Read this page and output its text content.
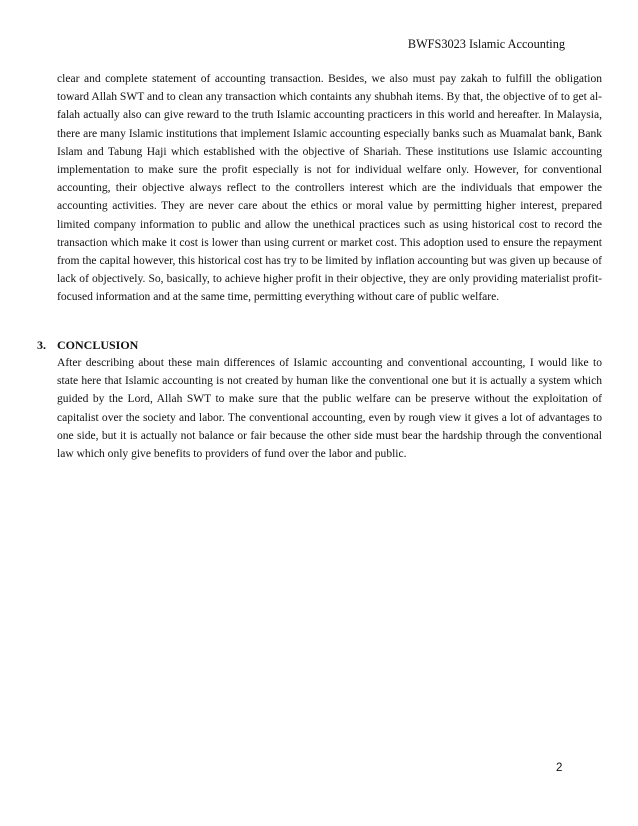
BWFS3023 Islamic Accounting

clear and complete statement of accounting transaction. Besides, we also must pay zakah to fulfill the obligation toward Allah SWT and to clean any transaction which containts any shubhah items. By that, the objective of to get al-falah actually also can give reward to the truth Islamic accounting practicers in this world and hereafter. In Malaysia, there are many Islamic institutions that implement Islamic accounting especially banks such as Muamalat bank, Bank Islam and Tabung Haji which established with the objective of Shariah. These institutions use Islamic accounting implementation to make sure the profit especially is not for individual welfare only. However, for conventional accounting, their objective always reflect to the controllers interest which are the individuals that empower the accounting activities. They are never care about the ethics or moral value by permitting higher interest, prepared limited company information to public and allow the unethical practices such as using historical cost to record the transaction which make it cost is lower than using current or market cost. This adoption used to ensure the repayment from the capital however, this historical cost has try to be limited by inflation accounting but was given up because of lack of objectively. So, basically, to achieve higher profit in their objective, they are only providing materialist profit-focused information and at the same time, permitting everything without care of public welfare.

3. CONCLUSION

After describing about these main differences of Islamic accounting and conventional accounting, I would like to state here that Islamic accounting is not created by human like the conventional one but it is actually a system which guided by the Lord, Allah SWT to make sure that the public welfare can be preserve without the exploitation of capitalist over the society and labor. The conventional accounting, even by rough view it gives a lot of advantages to one side, but it is actually not balance or fair because the other side must bear the hardship through the conventional law which only give benefits to providers of fund over the labor and public.

2
